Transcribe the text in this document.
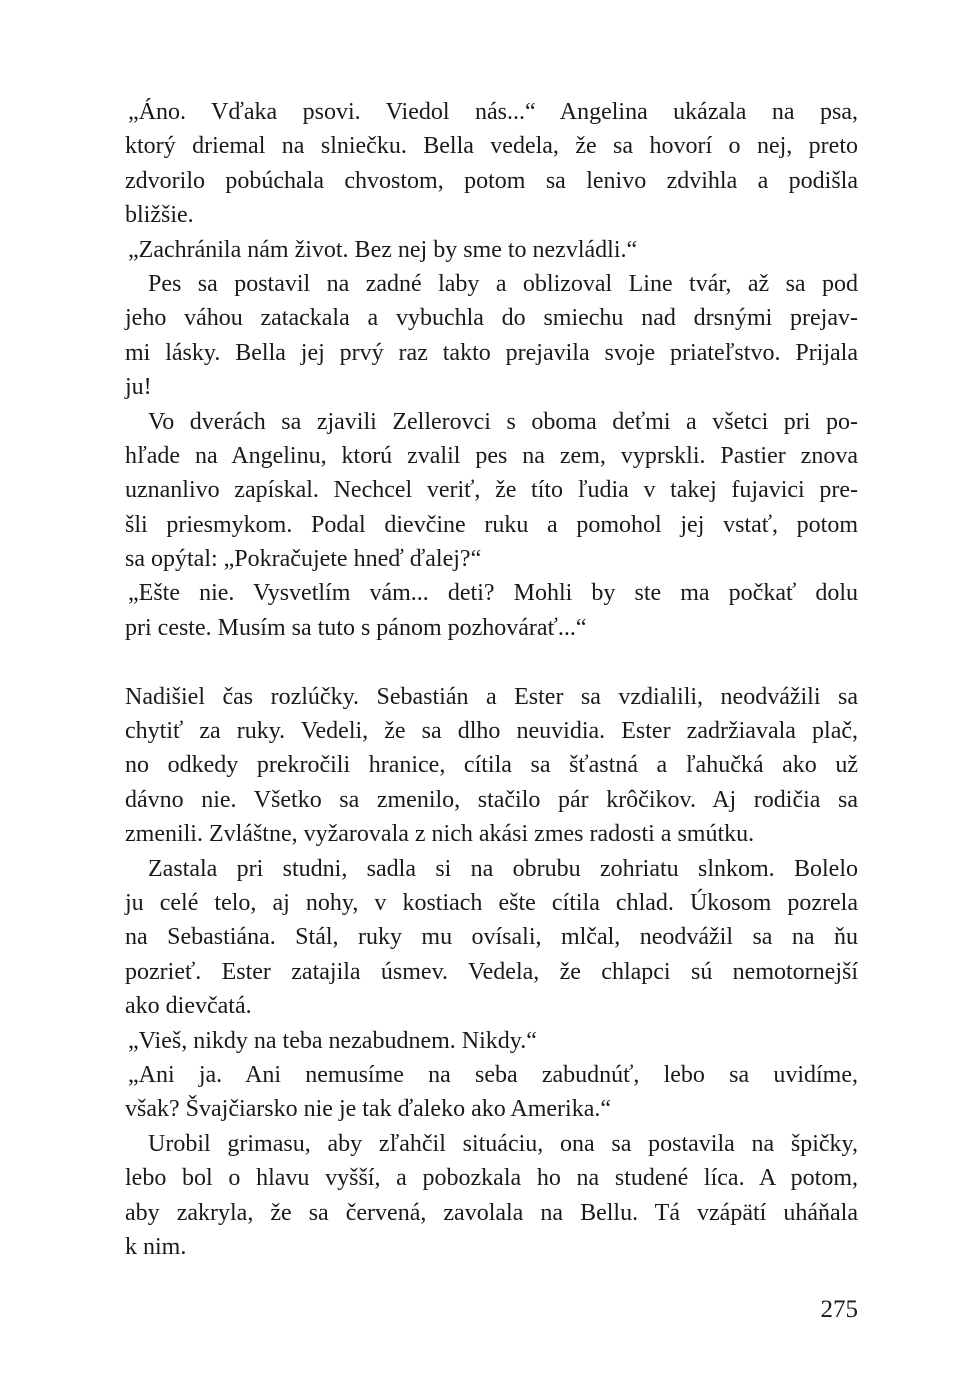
„Áno. Vďaka psovi. Viedol nás...“ Angelina ukázala na psa,
ktorý driemal na slniečku. Bella vedela, že sa hovorí o nej, preto
zdvorilo pobúchala chvostom, potom sa lenivo zdvihla a podišla
bližšie.
„Zachránila nám život. Bez nej by sme to nezvládli.“
Pes sa postavil na zadné laby a oblizoval Line tvár, až sa pod
jeho váhou zatackala a vybuchla do smiechu nad drsnými prejav-
mi lásky. Bella jej prvý raz takto prejavila svoje priateľstvo. Prijala
ju!
Vo dverách sa zjavili Zellerovci s oboma deťmi a všetci pri po-
hľade na Angelinu, ktorú zvalil pes na zem, vyprskli. Pastier znova
uznanlivo zapískal. Nechcel veriť, že títo ľudia v takej fujavici pre-
šli priesmykom. Podal dievčine ruku a pomohol jej vstať, potom
sa opýtal: „Pokračujete hneď ďalej?“
„Ešte nie. Vysvetlím vám... deti? Mohli by ste ma počkať dolu
pri ceste. Musím sa tuto s pánom pozhovárať...“
Nadišiel čas rozlúčky. Sebastián a Ester sa vzdialili, neodvážili sa
chytiť za ruky. Vedeli, že sa dlho neuvidia. Ester zadržiavala plač,
no odkedy prekročili hranice, cítila sa šťastná a ľahučká ako už
dávno nie. Všetko sa zmenilo, stačilo pár krôčikov. Aj rodičia sa
zmenili. Zvláštne, vyžarovala z nich akási zmes radosti a smútku.
Zastala pri studni, sadla si na obrubu zohriatu slnkom. Bolelo
ju celé telo, aj nohy, v kostiach ešte cítila chlad. Úkosom pozrela
na Sebastiána. Stál, ruky mu ovísali, mlčal, neodvážil sa na ňu
pozrieť. Ester zatajila úsmev. Vedela, že chlapci sú nemotornejší
ako dievčatá.
„Vieš, nikdy na teba nezabudnem. Nikdy.“
„Ani ja. Ani nemusíme na seba zabudnúť, lebo sa uvidíme,
však? Švajčiarsko nie je tak ďaleko ako Amerika.“
Urobil grimasu, aby zľahčil situáciu, ona sa postavila na špičky,
lebo bol o hlavu vyšší, a pobozkala ho na studené líca. A potom,
aby zakryla, že sa červená, zavolala na Bellu. Tá vzápätí uháňala
k nim.
275
